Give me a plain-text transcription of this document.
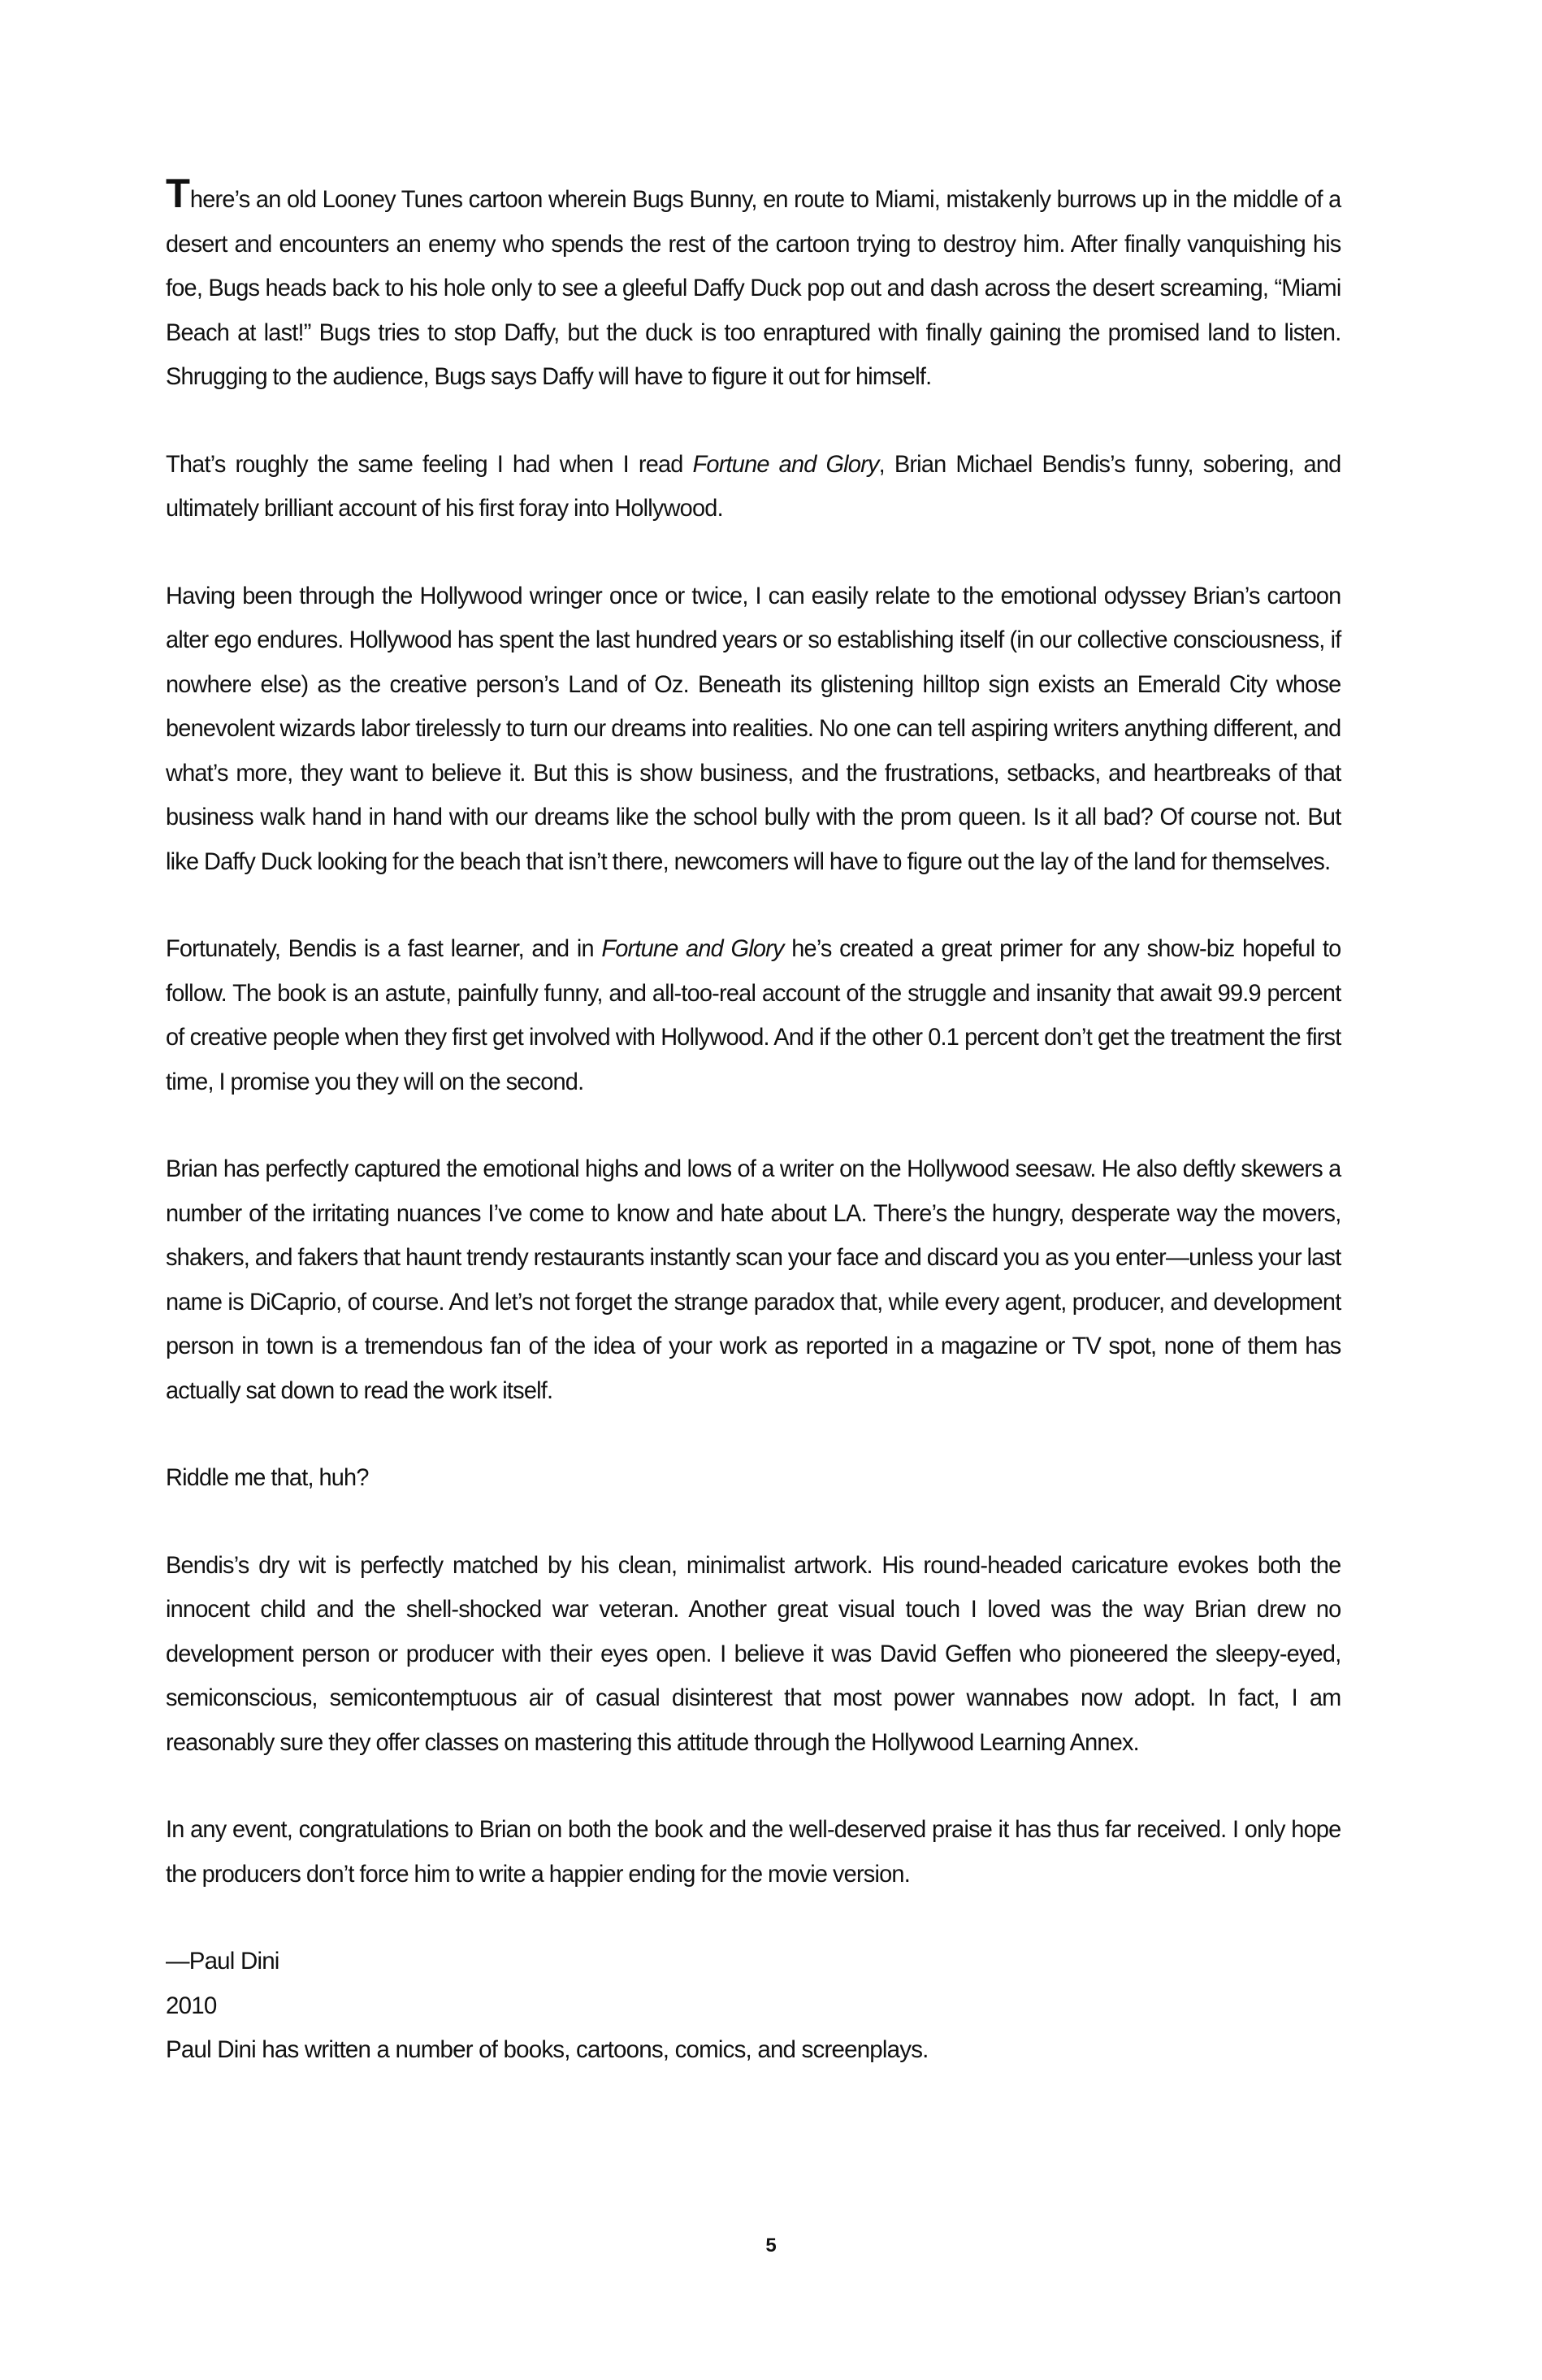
There’s an old Looney Tunes cartoon wherein Bugs Bunny, en route to Miami, mistakenly burrows up in the middle of a desert and encounters an enemy who spends the rest of the cartoon trying to destroy him. After finally vanquishing his foe, Bugs heads back to his hole only to see a gleeful Daffy Duck pop out and dash across the desert screaming, “Miami Beach at last!” Bugs tries to stop Daffy, but the duck is too enraptured with finally gaining the promised land to listen. Shrugging to the audience, Bugs says Daffy will have to figure it out for himself.

That’s roughly the same feeling I had when I read Fortune and Glory, Brian Michael Bendis’s funny, sobering, and ultimately brilliant account of his first foray into Hollywood.

Having been through the Hollywood wringer once or twice, I can easily relate to the emotional odyssey Brian’s cartoon alter ego endures. Hollywood has spent the last hundred years or so establishing itself (in our collective consciousness, if nowhere else) as the creative person’s Land of Oz. Beneath its glistening hilltop sign exists an Emerald City whose benevolent wizards labor tirelessly to turn our dreams into realities. No one can tell aspiring writers anything different, and what’s more, they want to believe it. But this is show business, and the frustrations, setbacks, and heartbreaks of that business walk hand in hand with our dreams like the school bully with the prom queen. Is it all bad? Of course not. But like Daffy Duck looking for the beach that isn’t there, newcomers will have to figure out the lay of the land for themselves.

Fortunately, Bendis is a fast learner, and in Fortune and Glory he’s created a great primer for any show-biz hopeful to follow. The book is an astute, painfully funny, and all-too-real account of the struggle and insanity that await 99.9 percent of creative people when they first get involved with Hollywood. And if the other 0.1 percent don’t get the treatment the first time, I promise you they will on the second.

Brian has perfectly captured the emotional highs and lows of a writer on the Hollywood seesaw. He also deftly skewers a number of the irritating nuances I’ve come to know and hate about LA. There’s the hungry, desperate way the movers, shakers, and fakers that haunt trendy restaurants instantly scan your face and discard you as you enter—unless your last name is DiCaprio, of course. And let’s not forget the strange paradox that, while every agent, producer, and development person in town is a tremendous fan of the idea of your work as reported in a magazine or TV spot, none of them has actually sat down to read the work itself.

Riddle me that, huh?

Bendis’s dry wit is perfectly matched by his clean, minimalist artwork. His round-headed caricature evokes both the innocent child and the shell-shocked war veteran. Another great visual touch I loved was the way Brian drew no development person or producer with their eyes open. I believe it was David Geffen who pioneered the sleepy-eyed, semiconscious, semicontemptuous air of casual disinterest that most power wannabes now adopt. In fact, I am reasonably sure they offer classes on mastering this attitude through the Hollywood Learning Annex.

In any event, congratulations to Brian on both the book and the well-deserved praise it has thus far received. I only hope the producers don’t force him to write a happier ending for the movie version.

—Paul Dini

2010

Paul Dini has written a number of books, cartoons, comics, and screenplays.

5
